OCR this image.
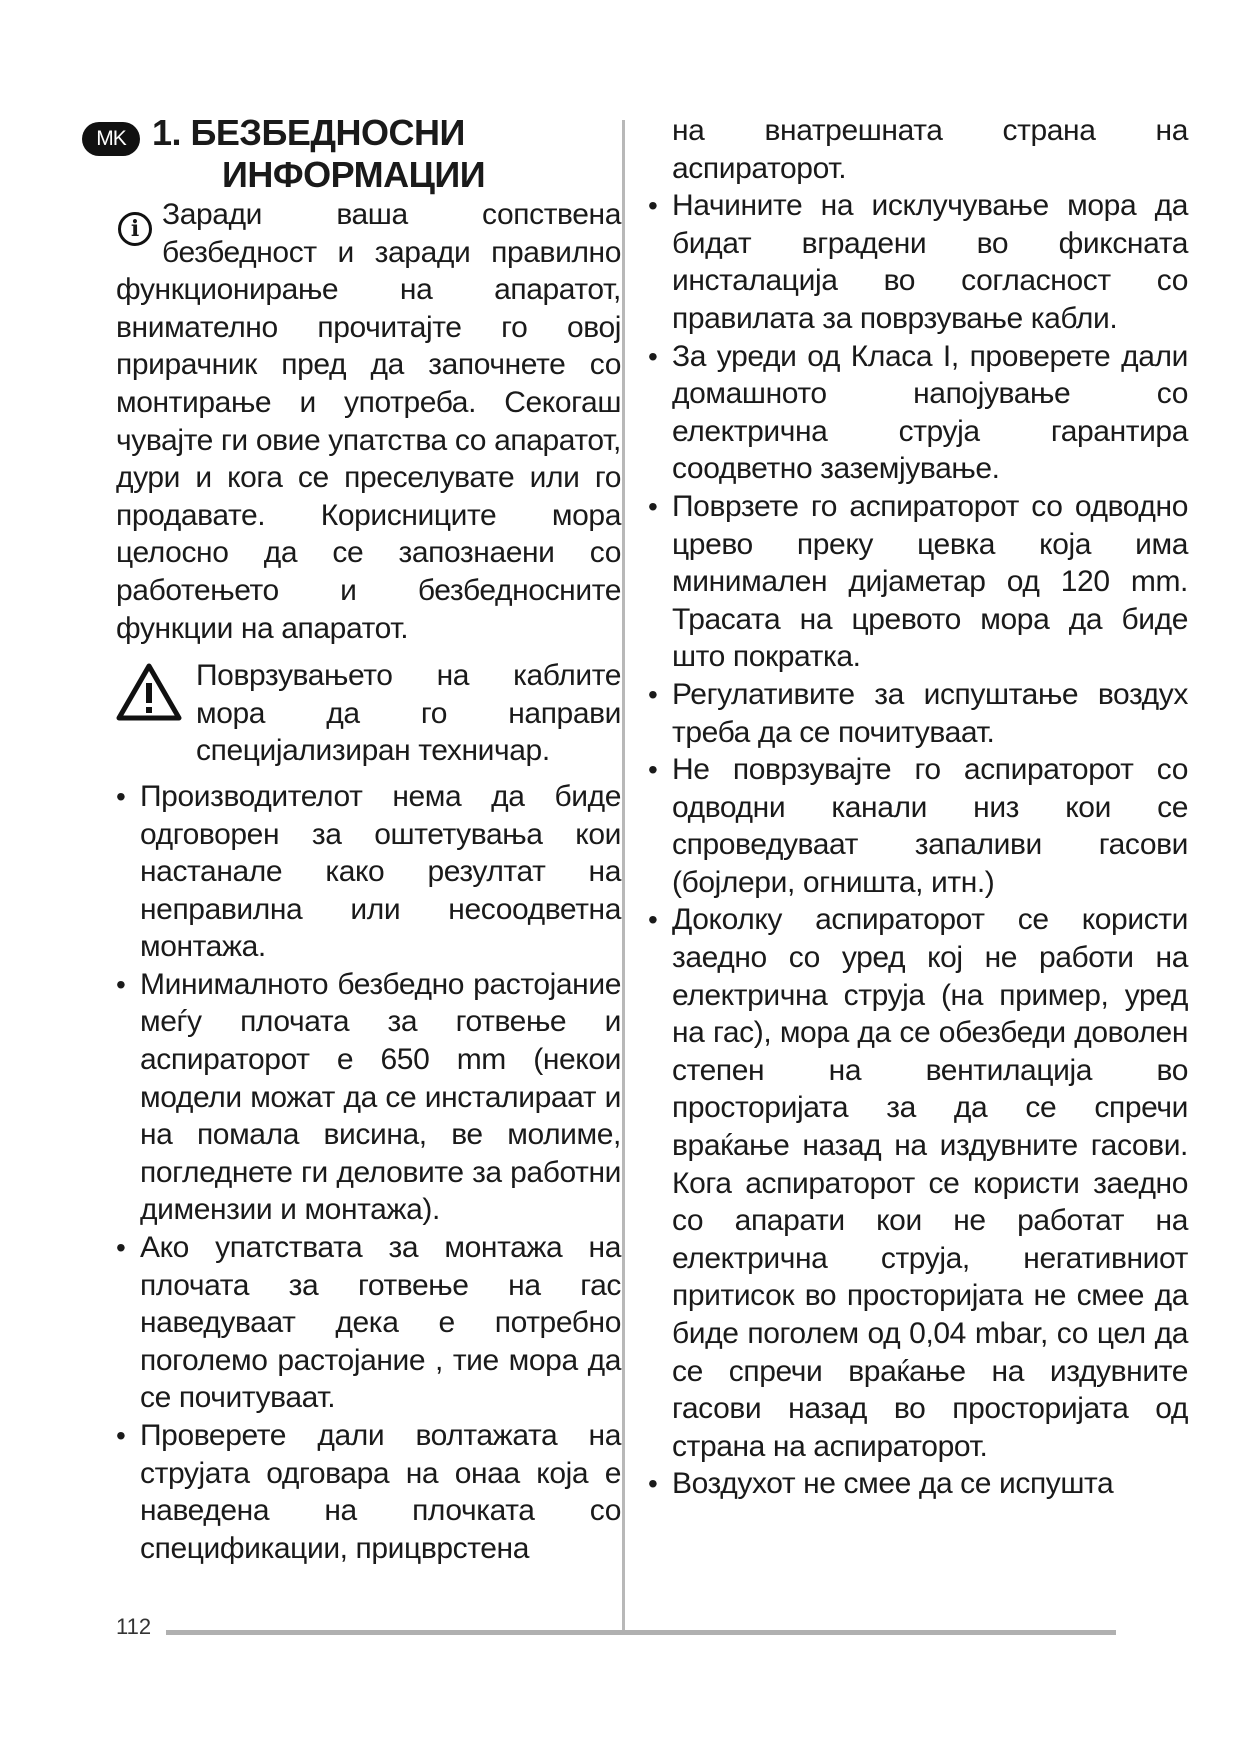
MK 1. БЕЗБЕДНОСНИ
ИНФОРМАЦИИ
i Заради ваша сопствена безбедност и заради правилно функционирање на апаратот, внимателно прочитајте го овој прирачник пред да започнете со монтирање и употреба. Секогаш чувајте ги овие упатства со апаратот, дури и кога се преселувате или го продавате. Корисниците мора целосно да се запознаени со работењето и безбедносните функции на апаратот.

Поврзувањето на каблите мора да го направи специјализиран техничар.

• Производителот нема да биде одговорен за оштетувања кои настанале како резултат на неправилна или несоодветна монтажа.
• Минималното безбедно растојание меѓу плочата за готвење и аспираторот е 650 mm (некои модели можат да се инсталираат и на помала висина, ве молиме, погледнете ги деловите за работни димензии и монтажа).
• Ако упатствата за монтажа на плочата за готвење на гас наведуваат дека е потребно поголемо растојание , тие мора да се почитуваат.
• Проверете дали волтажата на струјата одговара на онаа која е наведена на плочката со спецификации, прицврстена

на внатрешната страна на аспираторот.

• Начините на исклучување мора да бидат вградени во фиксната инсталација во согласност со правилата за поврзување кабли.
• За уреди од Класа I, проверете дали домашното напојување со електрична струја гарантира соодветно заземјување.
• Поврзете го аспираторот со одводно црево преку цевка која има минимален дијаметар од 120 mm. Трасата на цревото мора да биде што пократка.
• Регулативите за испуштање воздух треба да се почитуваат.
• Не поврзувајте го аспираторот со одводни канали низ кои се спроведуваат запаливи гасови (бојлери, огништа, итн.)
• Доколку аспираторот се користи заедно со уред кој не работи на електрична струја (на пример, уред на гас), мора да се обезбеди доволен степен на вентилација во просторијата за да се спречи враќање назад на издувните гасови. Кога аспираторот се користи заедно со апарати кои не работат на електрична струја, негативниот притисок во просторијата не смее да биде поголем од 0,04 mbar, со цел да се спречи враќање на издувните гасови назад во просторијата од страна на аспираторот.
• Воздухот не смее да се испушта
112
